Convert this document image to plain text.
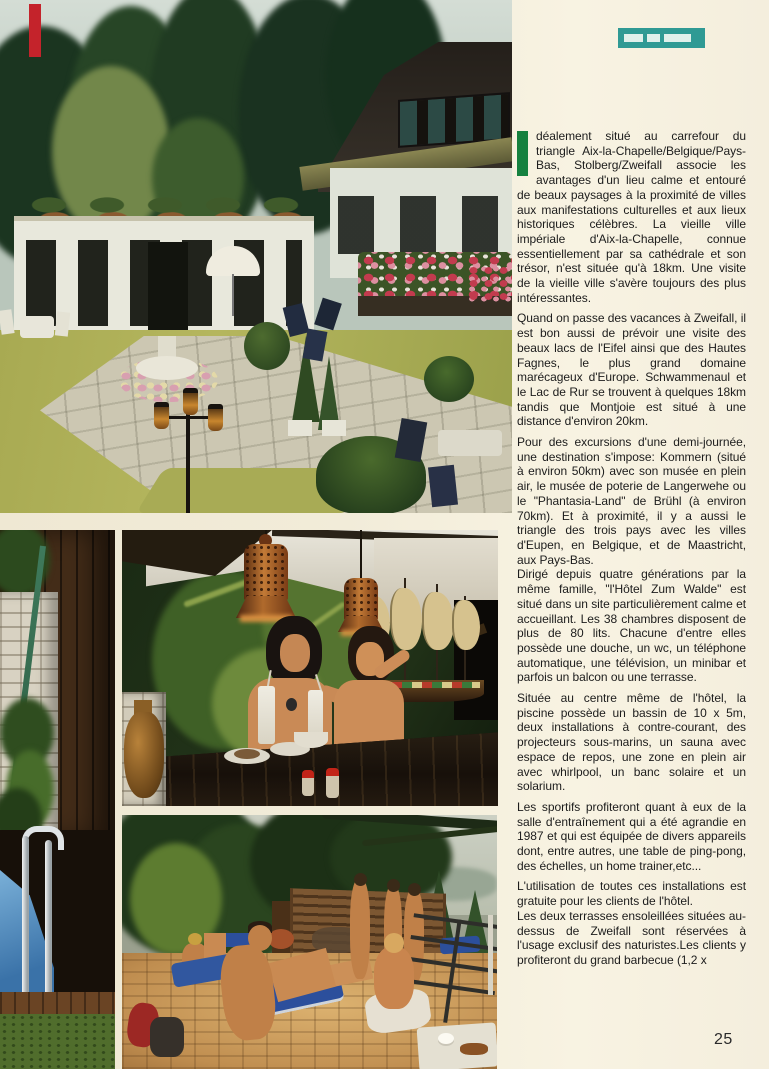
déalement situé au carrefour du triangle Aix-la-Chapelle/Belgique/Pays-Bas, Stolberg/Zweifall associe les avantages d'un lieu calme et entouré de beaux paysages à la proximité de villes aux manifestations culturelles et aux lieux historiques célèbres. La vieille ville impériale d'Aix-la-Chapelle, connue essentiellement par sa cathédrale et son trésor, n'est située qu'à 18km. Une visite de la vieille ville s'avère toujours des plus intéressantes.

Quand on passe des vacances à Zweifall, il est bon aussi de prévoir une visite des beaux lacs de l'Eifel ainsi que des Hautes Fagnes, le plus grand domaine marécageux d'Europe. Schwammenaul et le Lac de Rur se trouvent à quelques 18km tandis que Montjoie est situé à une distance d'environ 20km.

Pour des excursions d'une demi-journée, une destination s'impose: Kommern (situé à environ 50km) avec son musée en plein air, le musée de poterie de Langerwehe ou le "Phantasia-Land" de Brühl (à environ 70km). Et à proximité, il y a aussi le triangle des trois pays avec les villes d'Eupen, en Belgique, et de Maastricht, aux Pays-Bas.

Dirigé depuis quatre générations par la même famille, "l'Hôtel Zum Walde" est situé dans un site particulièrement calme et accueillant. Les 38 chambres disposent de plus de 80 lits. Chacune d'entre elles possède une douche, un wc, un téléphone automatique, une télévision, un minibar et parfois un balcon ou une terrasse.

Située au centre même de l'hôtel, la piscine possède un bassin de 10 x 5m, deux installations à contre-courant, des projecteurs sous-marins, un sauna avec espace de repos, une zone en plein air avec whirlpool, un banc solaire et un solarium.

Les sportifs profiteront quant à eux de la salle d'entraînement qui a été agrandie en 1987 et qui est équipée de divers appareils dont, entre autres, une table de ping-pong, des échelles, un home trainer,etc...

L'utilisation de toutes ces installations est gratuite pour les clients de l'hôtel.

Les deux terrasses ensoleillées situées au-dessus de Zweifall sont réservées à l'usage exclusif des naturistes.Les clients y profiteront du grand barbecue (1,2 x

25
